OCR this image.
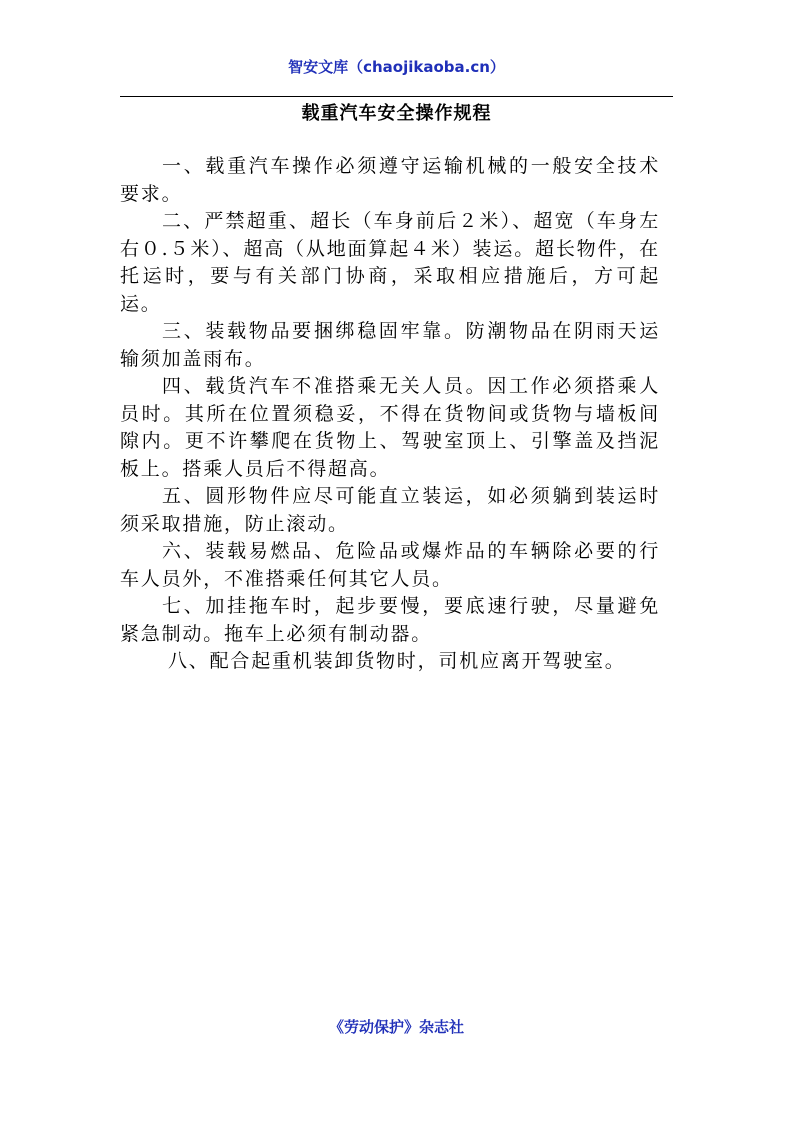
智安文库（chaojikaoba.cn）
载重汽车安全操作规程

一、载重汽车操作必须遵守运输机械的一般安全技术要求。

二、严禁超重、超长（车身前后２米）、超宽（车身左右０.５米）、超高（从地面算起４米）装运。超长物件，在托运时，要与有关部门协商，采取相应措施后，方可起运。

三、装载物品要捆绑稳固牢靠。防潮物品在阴雨天运输须加盖雨布。

四、载货汽车不准搭乘无关人员。因工作必须搭乘人员时。其所在位置须稳妥，不得在货物间或货物与墙板间隙内。更不许攀爬在货物上、驾驶室顶上、引擎盖及挡泥板上。搭乘人员后不得超高。

五、圆形物件应尽可能直立装运，如必须躺到装运时须采取措施，防止滚动。

六、装载易燃品、危险品或爆炸品的车辆除必要的行车人员外，不准搭乘任何其它人员。

七、加挂拖车时，起步要慢，要底速行驶，尽量避免紧急制动。拖车上必须有制动器。

八、配合起重机装卸货物时，司机应离开驾驶室。

《劳动保护》杂志社
